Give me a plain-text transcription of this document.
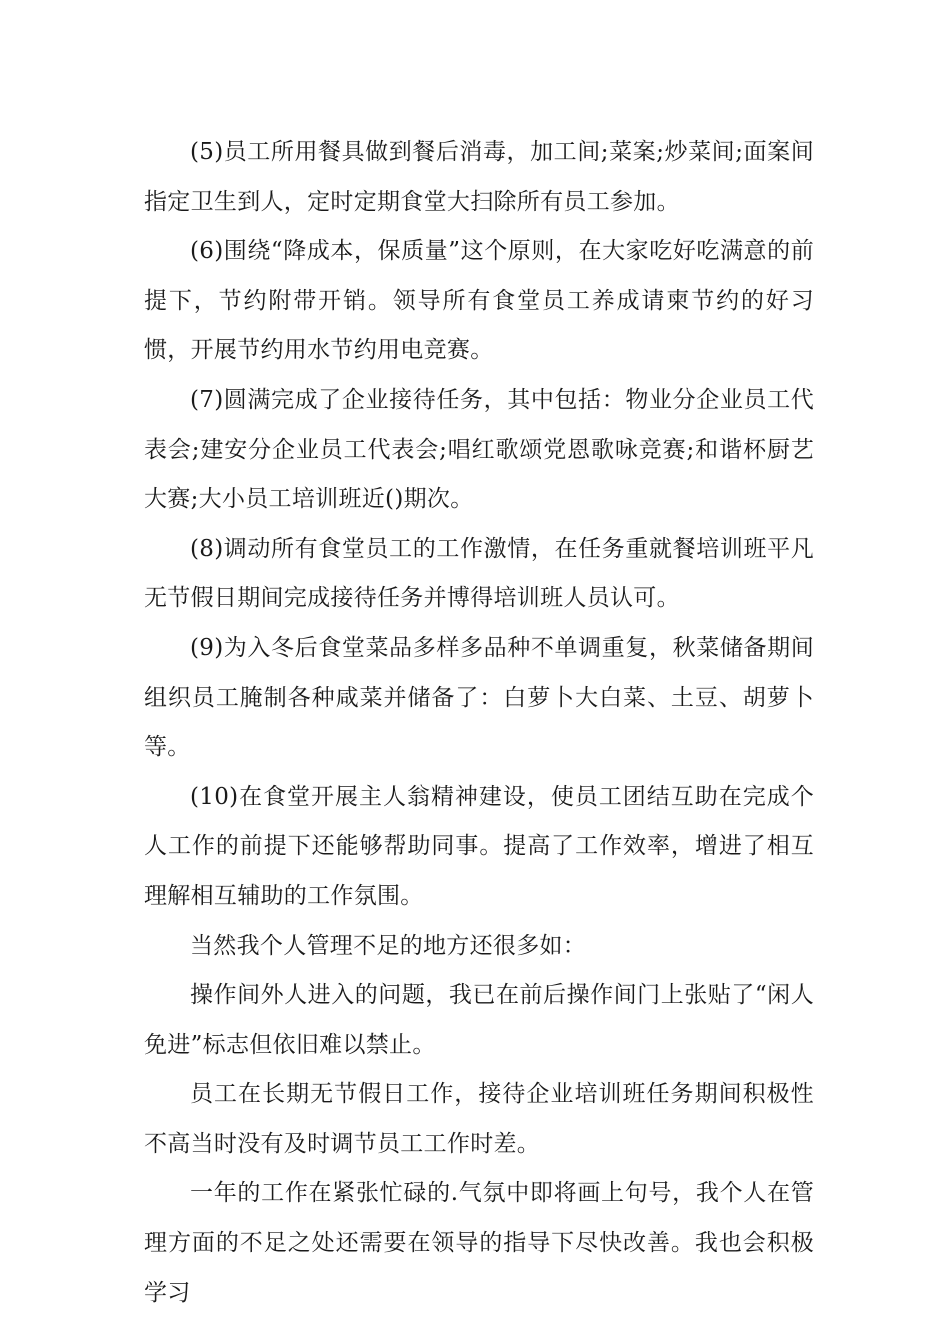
(5)员工所用餐具做到餐后消毒，加工间;菜案;炒菜间;面案间指定卫生到人，定时定期食堂大扫除所有员工参加。

(6)围绕“降成本，保质量”这个原则，在大家吃好吃满意的前提下，节约附带开销。领导所有食堂员工养成请柬节约的好习惯，开展节约用水节约用电竞赛。

(7)圆满完成了企业接待任务，其中包括：物业分企业员工代表会;建安分企业员工代表会;唱红歌颂党恩歌咏竞赛;和谐杯厨艺大赛;大小员工培训班近()期次。

(8)调动所有食堂员工的工作激情，在任务重就餐培训班平凡无节假日期间完成接待任务并博得培训班人员认可。

(9)为入冬后食堂菜品多样多品种不单调重复，秋菜储备期间组织员工腌制各种咸菜并储备了：白萝卜大白菜、土豆、胡萝卜等。

(10)在食堂开展主人翁精神建设，使员工团结互助在完成个人工作的前提下还能够帮助同事。提高了工作效率，增进了相互理解相互辅助的工作氛围。

当然我个人管理不足的地方还很多如：

操作间外人进入的问题，我已在前后操作间门上张贴了“闲人免进”标志但依旧难以禁止。

员工在长期无节假日工作，接待企业培训班任务期间积极性不高当时没有及时调节员工工作时差。

一年的工作在紧张忙碌的.气氛中即将画上句号，我个人在管理方面的不足之处还需要在领导的指导下尽快改善。我也会积极学习
